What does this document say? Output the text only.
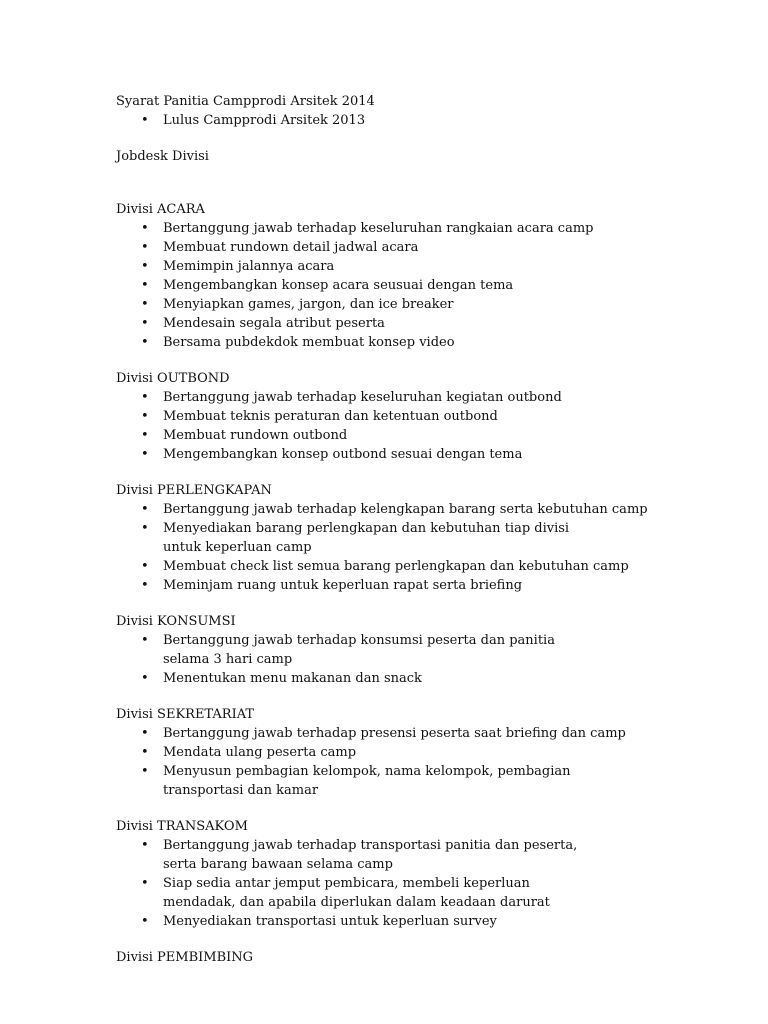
Syarat Panitia Campprodi Arsitek 2014

• Lulus Campprodi Arsitek 2013

Jobdesk Divisi

Divisi ACARA

• Bertanggung jawab terhadap keseluruhan rangkaian acara camp
• Membuat rundown detail jadwal acara
• Memimpin jalannya acara
• Mengembangkan konsep acara seusuai dengan tema
• Menyiapkan games, jargon, dan ice breaker
• Mendesain segala atribut peserta
• Bersama pubdekdok membuat konsep video

Divisi OUTBOND

• Bertanggung jawab terhadap keseluruhan kegiatan outbond
• Membuat teknis peraturan dan ketentuan outbond
• Membuat rundown outbond
• Mengembangkan konsep outbond sesuai dengan tema

Divisi PERLENGKAPAN

• Bertanggung jawab terhadap kelengkapan barang serta kebutuhan camp
• Menyediakan barang perlengkapan dan kebutuhan tiap divisi untuk keperluan camp
• Membuat check list semua barang perlengkapan dan kebutuhan camp
• Meminjam ruang untuk keperluan rapat serta briefing

Divisi KONSUMSI

• Bertanggung jawab terhadap konsumsi peserta dan panitia selama 3 hari camp
• Menentukan menu makanan dan snack

Divisi SEKRETARIAT

• Bertanggung jawab terhadap presensi peserta saat briefing dan camp
• Mendata ulang peserta camp
• Menyusun pembagian kelompok, nama kelompok, pembagian transportasi dan kamar

Divisi TRANSAKOM

• Bertanggung jawab terhadap transportasi panitia dan peserta, serta barang bawaan selama camp
• Siap sedia antar jemput pembicara, membeli keperluan mendadak, dan apabila diperlukan dalam keadaan darurat
• Menyediakan transportasi untuk keperluan survey

Divisi PEMBIMBING
